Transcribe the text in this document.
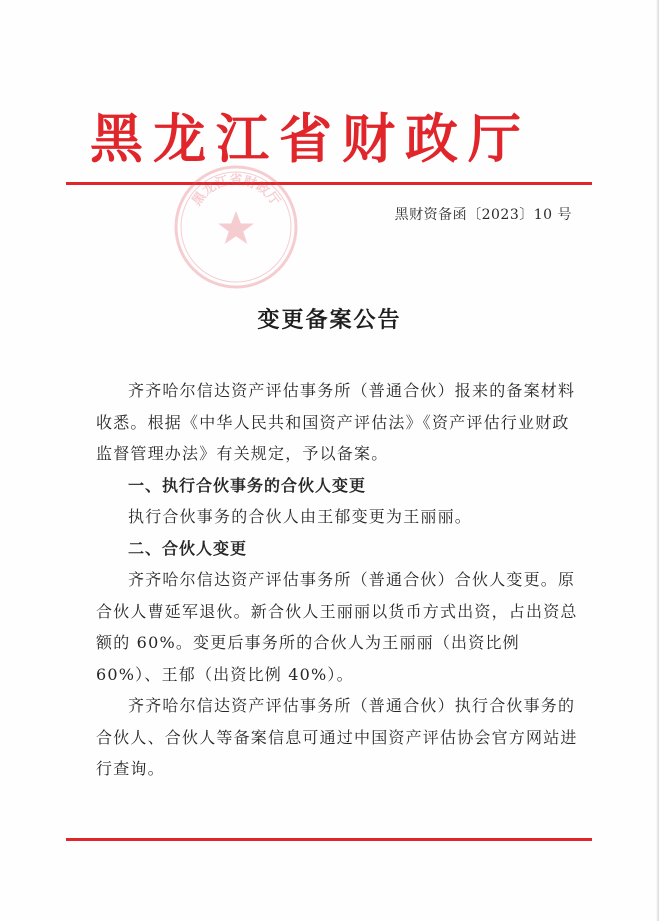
黑龙江省财政厅
黑龙江省财政厅
黑财资备函〔2023〕10 号
变更备案公告

齐齐哈尔信达资产评估事务所（普通合伙）报来的备案材料收悉。根据《中华人民共和国资产评估法》《资产评估行业财政监督管理办法》有关规定，予以备案。

一、执行合伙事务的合伙人变更

执行合伙事务的合伙人由王郁变更为王丽丽。

二、合伙人变更

齐齐哈尔信达资产评估事务所（普通合伙）合伙人变更。原合伙人曹延军退伙。新合伙人王丽丽以货币方式出资，占出资总额的 60%。变更后事务所的合伙人为王丽丽（出资比例 60%）、王郁（出资比例 40%）。

齐齐哈尔信达资产评估事务所（普通合伙）执行合伙事务的合伙人、合伙人等备案信息可通过中国资产评估协会官方网站进行查询。
